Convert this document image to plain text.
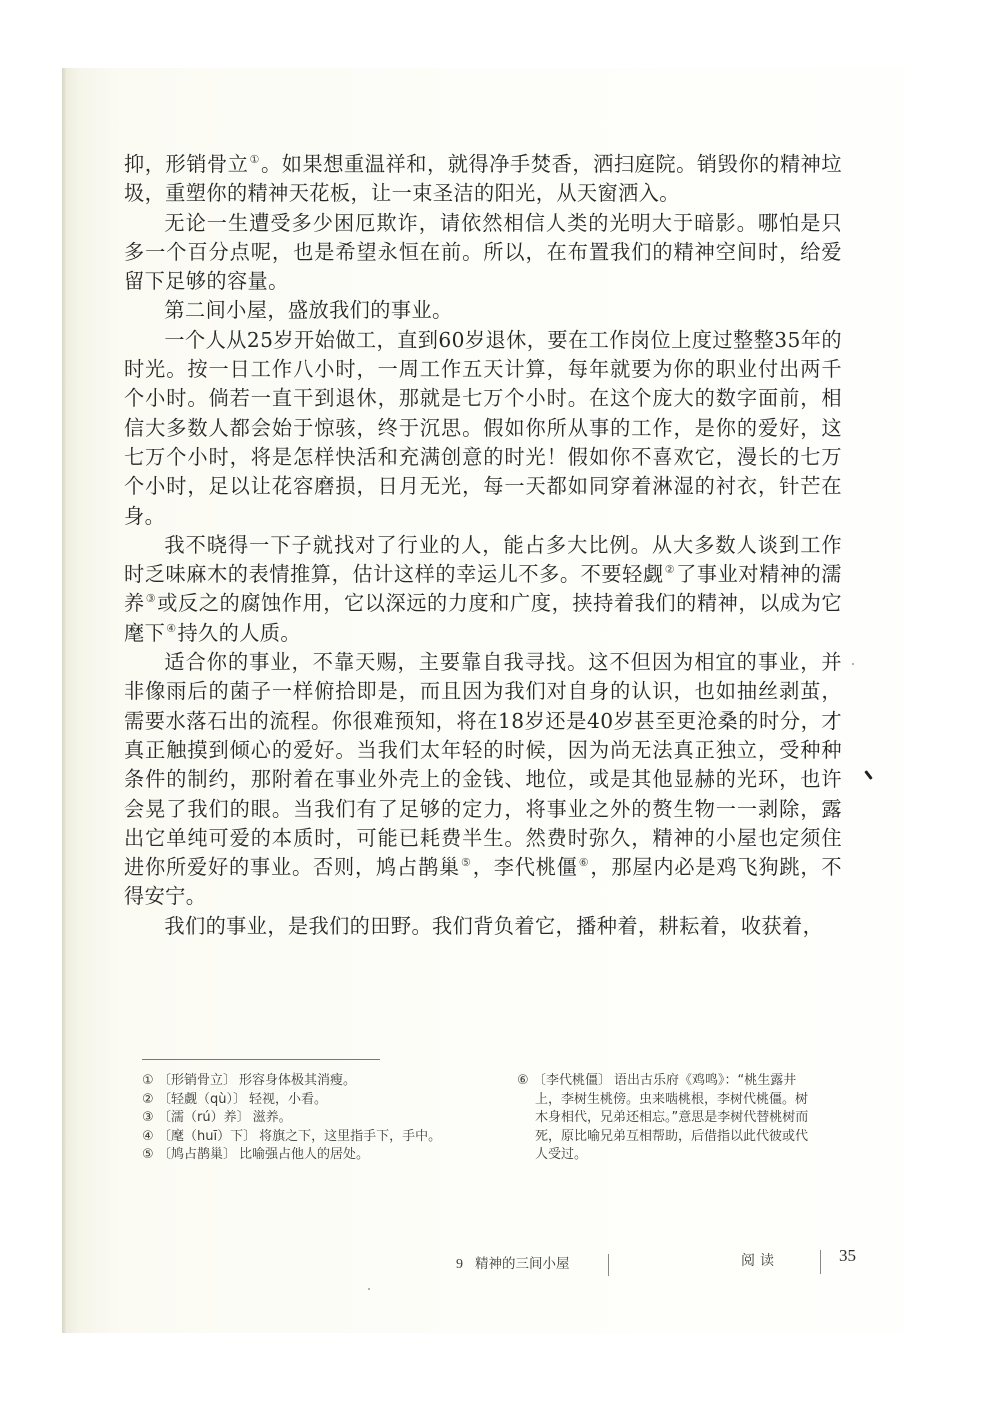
抑，形销骨立①。如果想重温祥和，就得净手焚香，洒扫庭院。销毁你的精神垃圾，重塑你的精神天花板，让一束圣洁的阳光，从天窗洒入。

无论一生遭受多少困厄欺诈，请依然相信人类的光明大于暗影。哪怕是只多一个百分点呢，也是希望永恒在前。所以，在布置我们的精神空间时，给爱留下足够的容量。

第二间小屋，盛放我们的事业。

一个人从25岁开始做工，直到60岁退休，要在工作岗位上度过整整35年的时光。按一日工作八小时，一周工作五天计算，每年就要为你的职业付出两千个小时。倘若一直干到退休，那就是七万个小时。在这个庞大的数字面前，相信大多数人都会始于惊骇，终于沉思。假如你所从事的工作，是你的爱好，这七万个小时，将是怎样快活和充满创意的时光！假如你不喜欢它，漫长的七万个小时，足以让花容磨损，日月无光，每一天都如同穿着淋湿的衬衣，针芒在身。

我不晓得一下子就找对了行业的人，能占多大比例。从大多数人谈到工作时乏味麻木的表情推算，估计这样的幸运儿不多。不要轻觑②了事业对精神的濡养③或反之的腐蚀作用，它以深远的力度和广度，挟持着我们的精神，以成为它麾下④持久的人质。

适合你的事业，不靠天赐，主要靠自我寻找。这不但因为相宜的事业，并非像雨后的菌子一样俯拾即是，而且因为我们对自身的认识，也如抽丝剥茧，需要水落石出的流程。你很难预知，将在18岁还是40岁甚至更沧桑的时分，才真正触摸到倾心的爱好。当我们太年轻的时候，因为尚无法真正独立，受种种条件的制约，那附着在事业外壳上的金钱、地位，或是其他显赫的光环，也许会晃了我们的眼。当我们有了足够的定力，将事业之外的赘生物一一剥除，露出它单纯可爱的本质时，可能已耗费半生。然费时弥久，精神的小屋也定须住进你所爱好的事业。否则，鸠占鹊巢⑤，李代桃僵⑥，那屋内必是鸡飞狗跳，不得安宁。

我们的事业，是我们的田野。我们背负着它，播种着，耕耘着，收获着，

① 〔形销骨立〕 形容身体极其消瘦。
② 〔轻觑（qù）〕 轻视，小看。
③ 〔濡（rú）养〕 滋养。
④ 〔麾（huī）下〕 将旗之下，这里指手下，手中。
⑤ 〔鸠占鹊巢〕 比喻强占他人的居处。
⑥ 〔李代桃僵〕 语出古乐府《鸡鸣》：“桃生露井上，李树生桃傍。虫来啮桃根，李树代桃僵。树木身相代，兄弟还相忘。”意思是李树代替桃树而死，原比喻兄弟互相帮助，后借指以此代彼或代人受过。
9 精神的三间小屋	阅读	35
